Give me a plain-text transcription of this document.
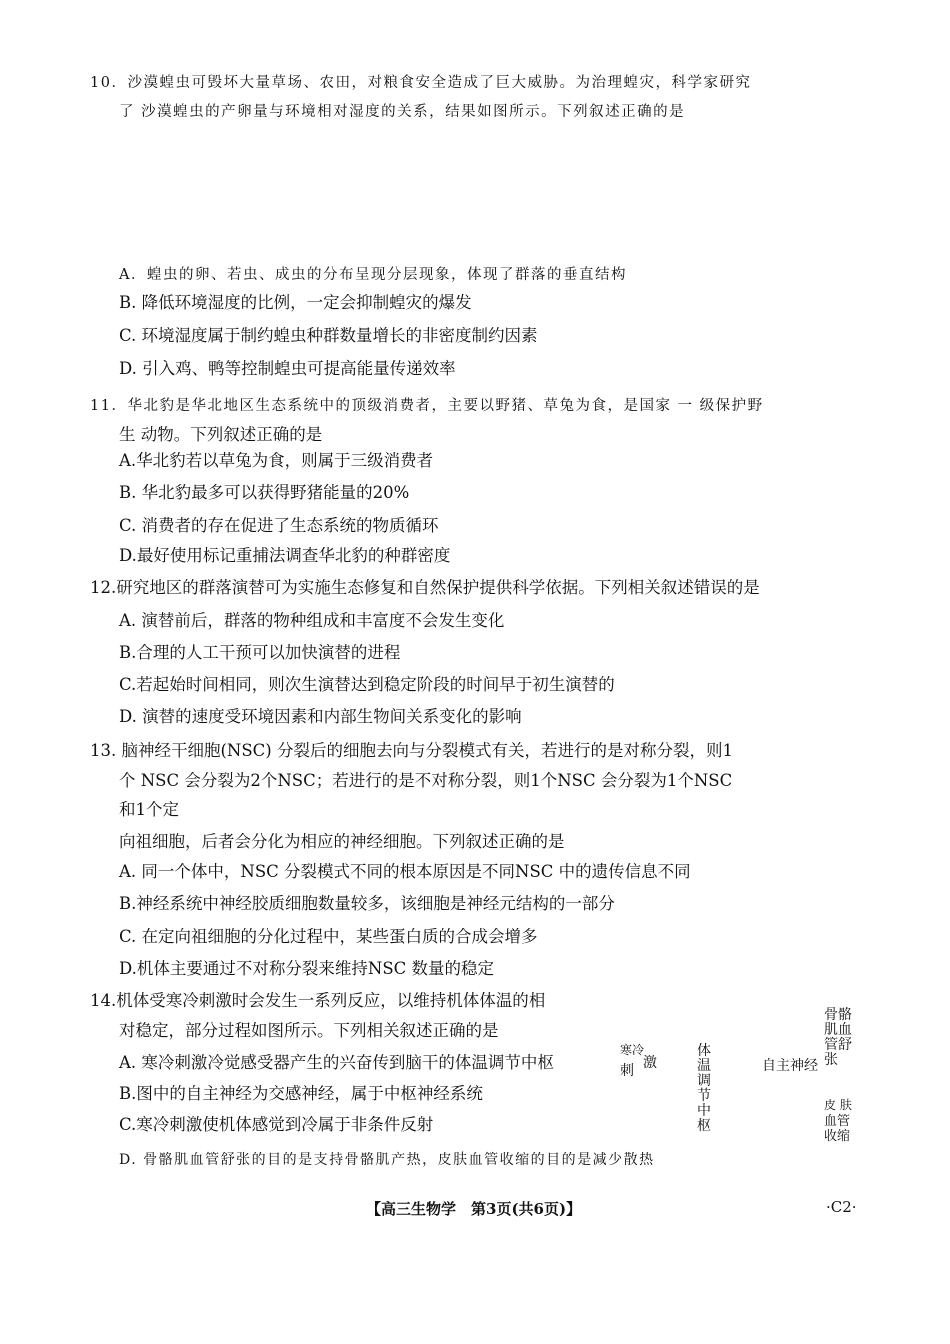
10．沙漠蝗虫可毁坏大量草场、农田，对粮食安全造成了巨大威胁。为治理蝗灾，科学家研究
了 沙漠蝗虫的产卵量与环境相对湿度的关系，结果如图所示。下列叙述正确的是
A．蝗虫的卵、若虫、成虫的分布呈现分层现象，体现了群落的垂直结构
B. 降低环境湿度的比例，一定会抑制蝗灾的爆发
C. 环境湿度属于制约蝗虫种群数量增长的非密度制约因素
D. 引入鸡、鸭等控制蝗虫可提高能量传递效率
11．华北豹是华北地区生态系统中的顶级消费者，主要以野猪、草兔为食，是国家 一 级保护野
生 动物。下列叙述正确的是
A.华北豹若以草兔为食，则属于三级消费者
B. 华北豹最多可以获得野猪能量的20%
C. 消费者的存在促进了生态系统的物质循环
D.最好使用标记重捕法调查华北豹的种群密度
12.研究地区的群落演替可为实施生态修复和自然保护提供科学依据。下列相关叙述错误的是
A. 演替前后，群落的物种组成和丰富度不会发生变化
B.合理的人工干预可以加快演替的进程
C.若起始时间相同，则次生演替达到稳定阶段的时间早于初生演替的
D. 演替的速度受环境因素和内部生物间关系变化的影响
13. 脑神经干细胞(NSC) 分裂后的细胞去向与分裂模式有关，若进行的是对称分裂，则1
个 NSC 会分裂为2个NSC；若进行的是不对称分裂，则1个NSC 会分裂为1个NSC
和1个定
向祖细胞，后者会分化为相应的神经细胞。下列叙述正确的是
A. 同一个体中，NSC 分裂模式不同的根本原因是不同NSC 中的遗传信息不同
B.神经系统中神经胶质细胞数量较多，该细胞是神经元结构的一部分
C. 在定向祖细胞的分化过程中，某些蛋白质的合成会增多
D.机体主要通过不对称分裂来维持NSC 数量的稳定
14.机体受寒冷刺激时会发生一系列反应，以维持机体体温的相
对稳定，部分过程如图所示。下列相关叙述正确的是
A. 寒冷刺激冷觉感受器产生的兴奋传到脑干的体温调节中枢
B.图中的自主神经为交感神经，属于中枢神经系统
C.寒冷刺激使机体感觉到冷属于非条件反射
D. 骨骼肌血管舒张的目的是支持骨骼肌产热，皮肤血管收缩的目的是减少散热
寒冷
刺 激
体温调节中枢
自主神经
骨骼肌血管舒张
皮 肤
血管收缩
【高三生物学　第3页(共6页)】	·C2·
